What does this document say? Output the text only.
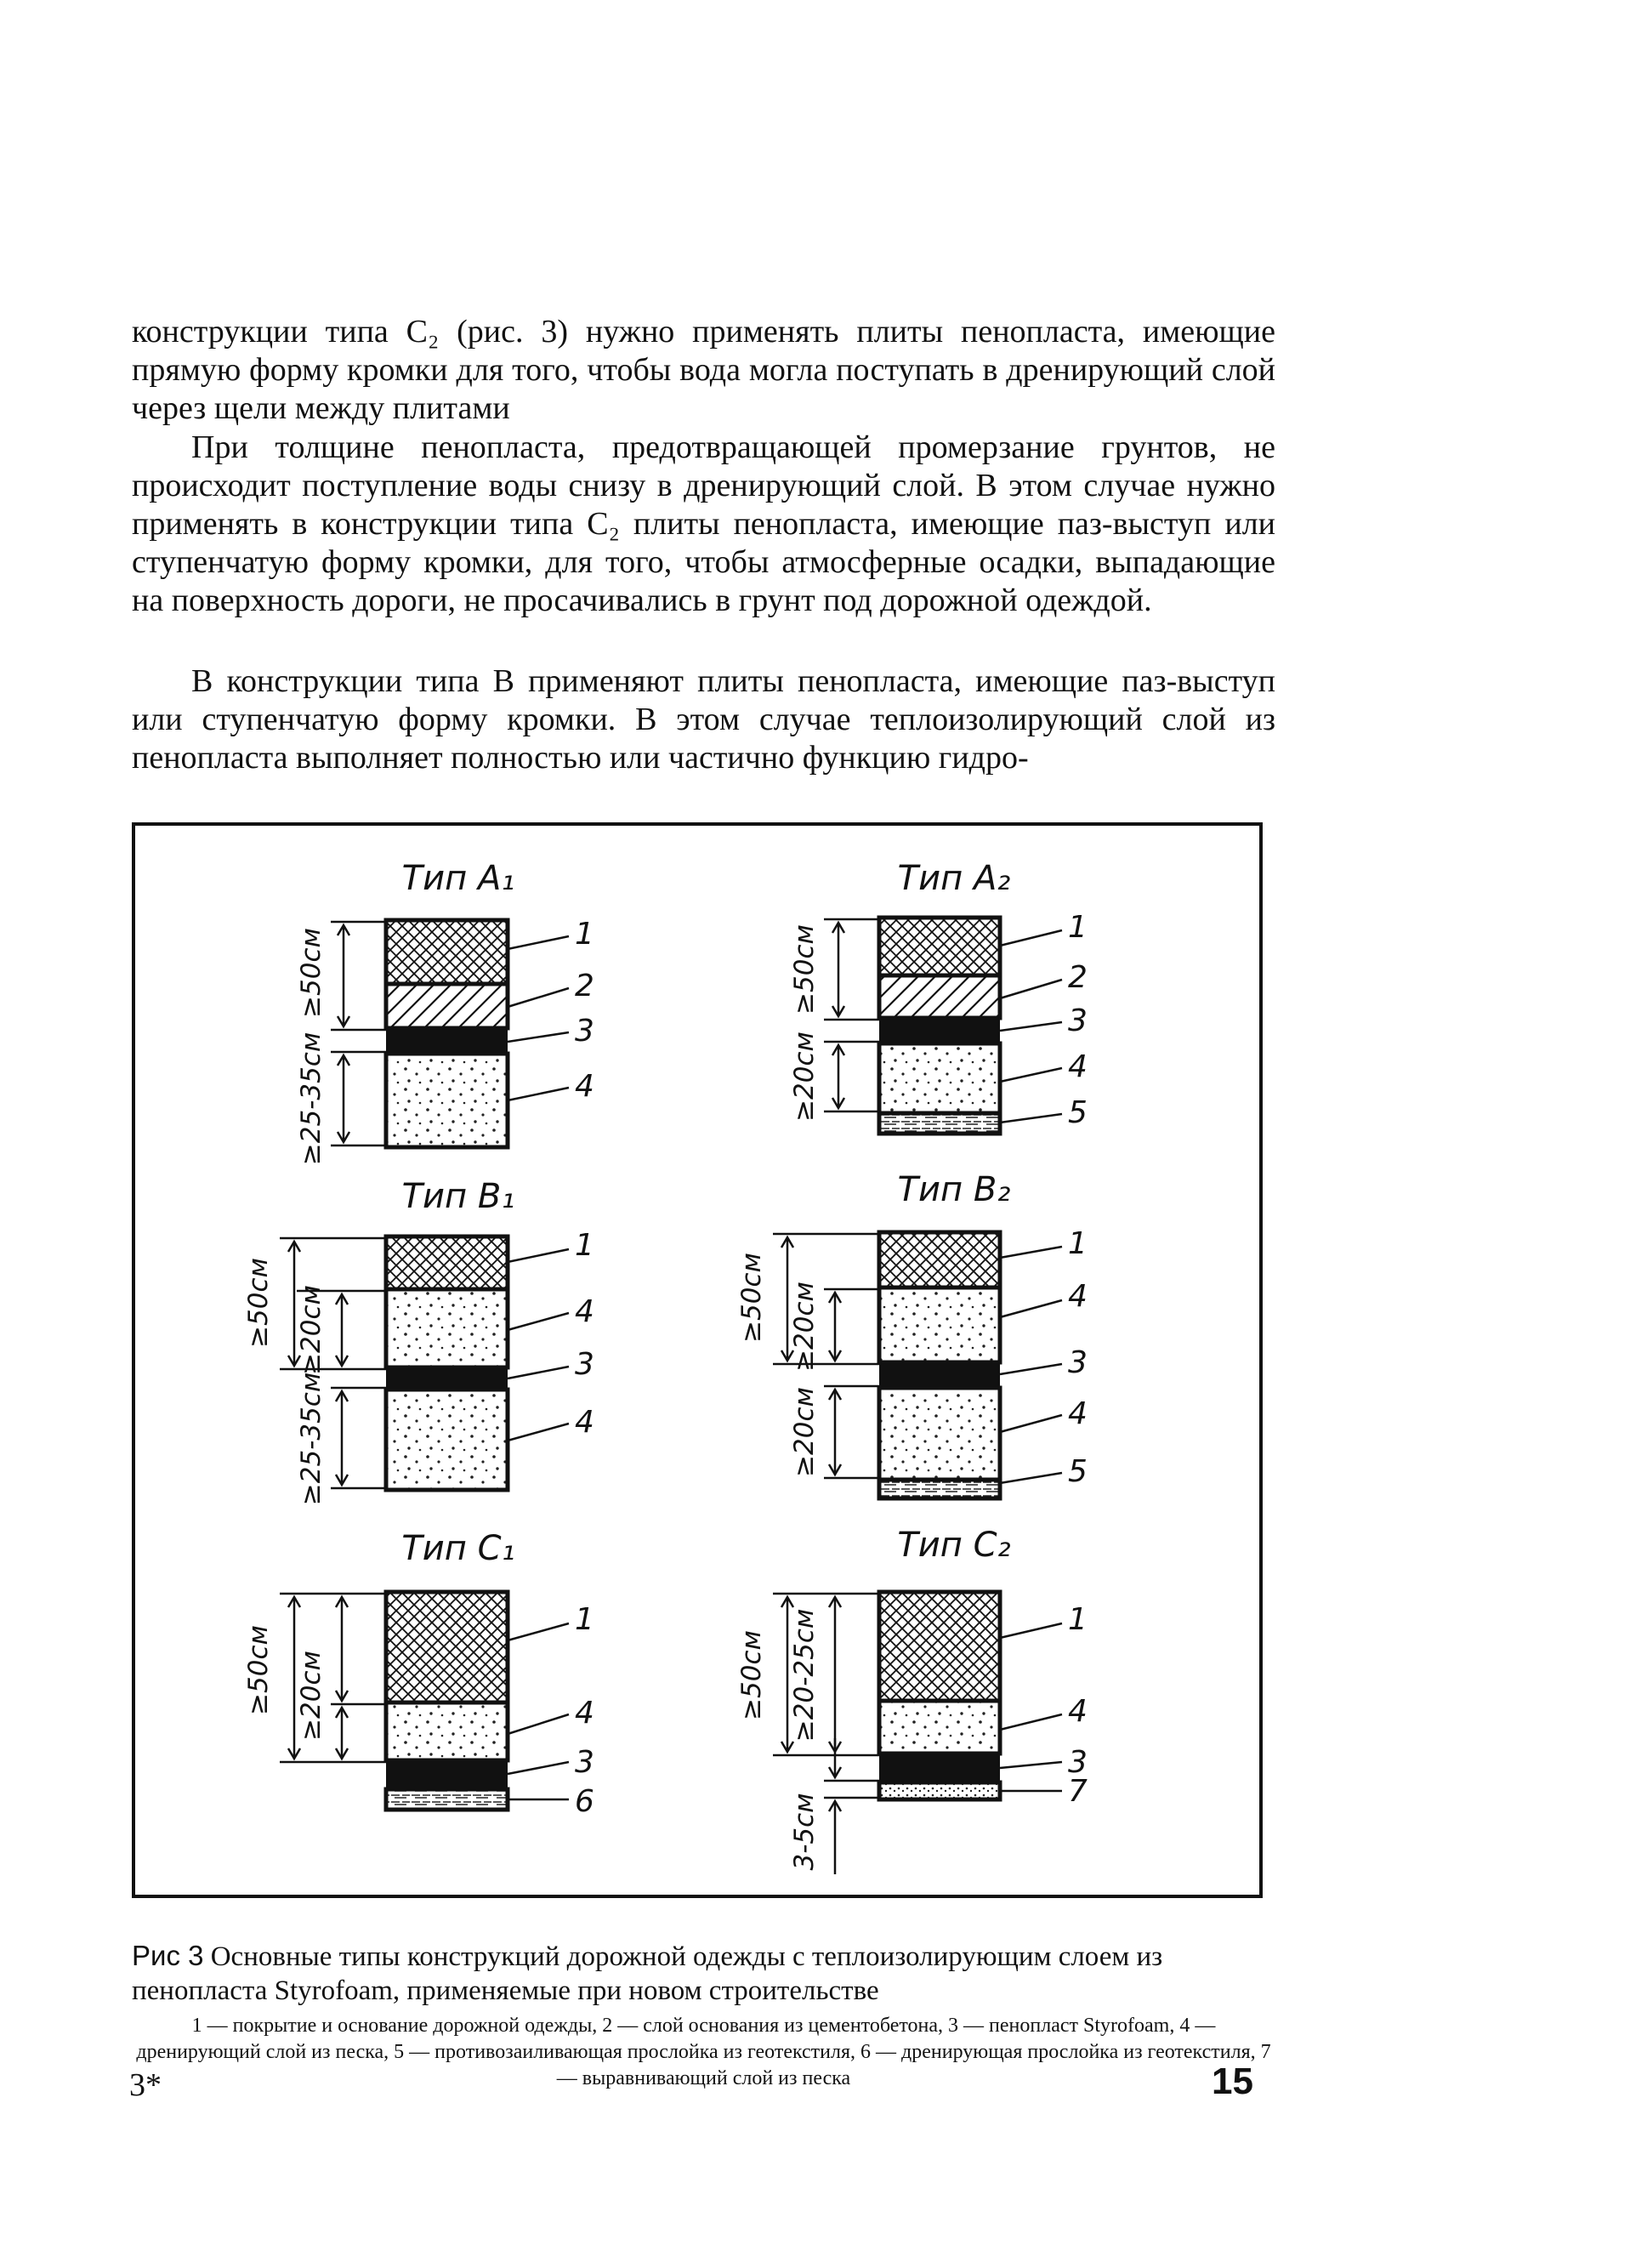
конструкции типа С₂ (рис. 3) нужно применять плиты пенопласта, имеющие прямую форму кромки для того, чтобы вода могла поступать в дренирующий слой через щели между плитами

При толщине пенопласта, предотвращающей промерзание грунтов, не происходит поступление воды снизу в дренирующий слой. В этом случае нужно применять в конструкции типа С₂ плиты пенопласта, имеющие паз-выступ или ступенчатую форму кромки, для того, чтобы атмосферные осадки, выпадающие на поверхность дороги, не просачивались в грунт под дорожной одеждой.

В конструкции типа В применяют плиты пенопласта, имеющие паз-выступ или ступенчатую форму кромки. В этом случае теплоизолирующий слой из пенопласта выполняет полностью или частично функцию гидро-

Тип A₁
≥50см
≥25-35см
1
2
3
4
Тип A₂
≥50см
≥20см
1
2
3
4
5
Тип B₁
≥50см ≥20см
≥25-35см
1
4
3
4
Тип B₂
≥50см ≥20см
≥20см
1
4
3
4
5
Тип C₁
≥50см ≥20см
1
4
3
6
Тип C₂
≥50см ≥20-25см
3-5см
1
4
3
7

Рис 3 Основные типы конструкций дорожной одежды с теплоизолирующим слоем из пенопласта Styrofoam, применяемые при новом строительстве

1 — покрытие и основание дорожной одежды, 2 — слой основания из цементобетона, 3 — пенопласт Styrofoam, 4 — дренирующий слой из песка, 5 — противозаиливающая прослойка из геотекстиля, 6 — дренирующая прослойка из геотекстиля, 7 — выравнивающий слой из песка

3*	15
